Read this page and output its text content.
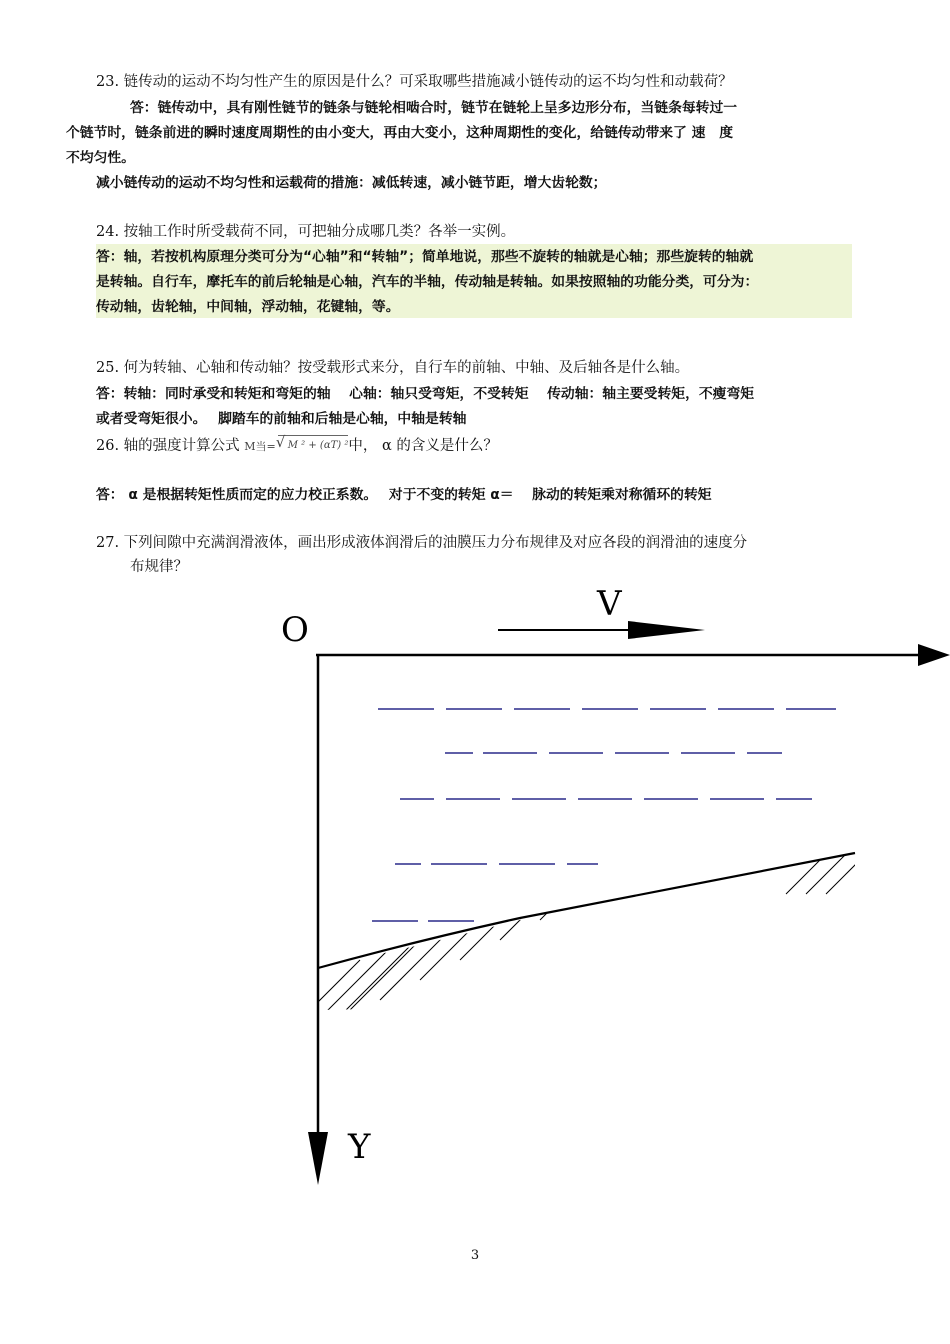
23. 链传动的运动不均匀性产生的原因是什么？可采取哪些措施减小链传动的运不均匀性和动载荷？
答：链传动中，具有刚性链节的链条与链轮相啮合时，链节在链轮上呈多边形分布，当链条每转过一
个链节时，链条前进的瞬时速度周期性的由小变大，再由大变小，这种周期性的变化，给链传动带来了 速　度
不均匀性。
减小链传动的运动不均匀性和运载荷的措施：减低转速，减小链节距，增大齿轮数；
24. 按轴工作时所受载荷不同，可把轴分成哪几类？各举一实例。
答：轴，若按机构原理分类可分为“心轴”和“转轴”；简单地说，那些不旋转的轴就是心轴；那些旋转的轴就
是转轴。自行车，摩托车的前后轮轴是心轴，汽车的半轴，传动轴是转轴。如果按照轴的功能分类，可分为：
传动轴，齿轮轴，中间轴，浮动轴，花键轴，等。
25. 何为转轴、心轴和传动轴？按受载形式来分，自行车的前轴、中轴、及后轴各是什么轴。
答：转轴：同时承受和转矩和弯矩的轴　 心轴：轴只受弯矩，不受转矩　 传动轴：轴主要受转矩，不瘦弯矩
或者受弯矩很小。　 脚踏车的前轴和后轴是心轴，中轴是转轴
26. 轴的强度计算公式 M当=√ M ² + (αT) ²中， α 的含义是什么？
答： α 是根据转矩性质而定的应力校正系数。　 对于不变的转矩 α＝　 脉动的转矩乘对称循环的转矩
27. 下列间隙中充满润滑液体，画出形成液体润滑后的油膜压力分布规律及对应各段的润滑油的速度分
布规律？
O
V
Y
3
